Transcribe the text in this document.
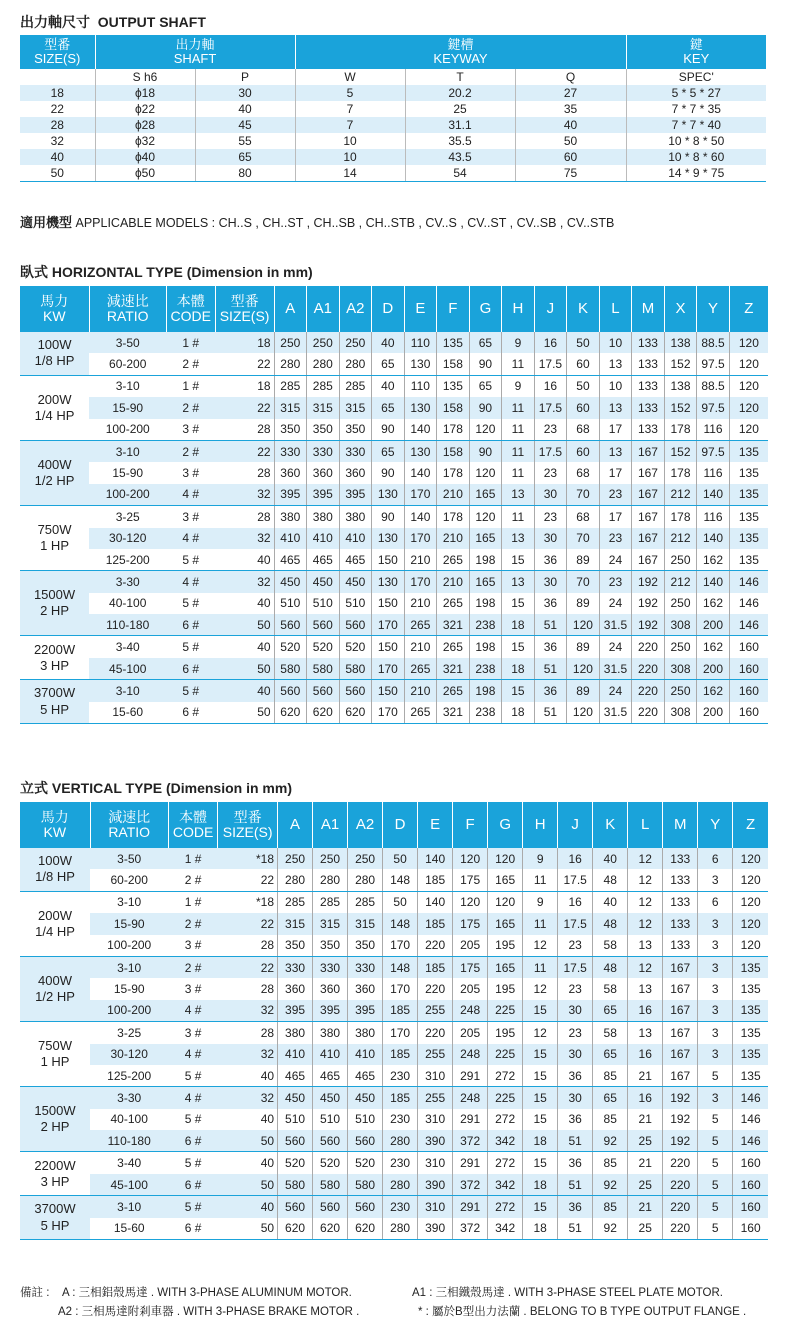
出力軸尺寸 OUTPUT SHAFT
型番
SIZE(S)	出力軸
SHAFT		鍵槽
KEYWAY			鍵
KEY
	S h6	P	W	T	Q	SPEC'
18	ϕ18	30	5	20.2	27	5 * 5 * 27
22	ϕ22	40	7	25	35	7 * 7 * 35
28	ϕ28	45	7	31.1	40	7 * 7 * 40
32	ϕ32	55	10	35.5	50	10 * 8 * 50
40	ϕ40	65	10	43.5	60	10 * 8 * 60
50	ϕ50	80	14	54	75	14 * 9 * 75
適用機型 APPLICABLE MODELS : CH..S , CH..ST , CH..SB , CH..STB , CV..S , CV..ST , CV..SB , CV..STB
臥式 HORIZONTAL TYPE (Dimension in mm)
馬力
KW	減速比
RATIO	本體
CODE	型番
SIZE(S)	A	A1	A2	D	E	F	G	H	J	K	L	M	X	Y	Z
100W
1/8 HP	3-50	1 #	18	250	250	250	40	110	135	65	9	16	50	10	133	138	88.5	120
	60-200	2 #	22	280	280	280	65	130	158	90	11	17.5	60	13	133	152	97.5	120
200W
1/4 HP	3-10	1 #	18	285	285	285	40	110	135	65	9	16	50	10	133	138	88.5	120
	15-90	2 #	22	315	315	315	65	130	158	90	11	17.5	60	13	133	152	97.5	120
	100-200	3 #	28	350	350	350	90	140	178	120	11	23	68	17	133	178	116	120
400W
1/2 HP	3-10	2 #	22	330	330	330	65	130	158	90	11	17.5	60	13	167	152	97.5	135
	15-90	3 #	28	360	360	360	90	140	178	120	11	23	68	17	167	178	116	135
	100-200	4 #	32	395	395	395	130	170	210	165	13	30	70	23	167	212	140	135
750W
1 HP	3-25	3 #	28	380	380	380	90	140	178	120	11	23	68	17	167	178	116	135
	30-120	4 #	32	410	410	410	130	170	210	165	13	30	70	23	167	212	140	135
	125-200	5 #	40	465	465	465	150	210	265	198	15	36	89	24	167	250	162	135
1500W
2 HP	3-30	4 #	32	450	450	450	130	170	210	165	13	30	70	23	192	212	140	146
	40-100	5 #	40	510	510	510	150	210	265	198	15	36	89	24	192	250	162	146
	110-180	6 #	50	560	560	560	170	265	321	238	18	51	120	31.5	192	308	200	146
2200W
3 HP	3-40	5 #	40	520	520	520	150	210	265	198	15	36	89	24	220	250	162	160
	45-100	6 #	50	580	580	580	170	265	321	238	18	51	120	31.5	220	308	200	160
3700W
5 HP	3-10	5 #	40	560	560	560	150	210	265	198	15	36	89	24	220	250	162	160
	15-60	6 #	50	620	620	620	170	265	321	238	18	51	120	31.5	220	308	200	160
立式 VERTICAL TYPE (Dimension in mm)
馬力
KW	減速比
RATIO	本體
CODE	型番
SIZE(S)	A	A1	A2	D	E	F	G	H	J	K	L	M	Y	Z
100W
1/8 HP	3-50	1 #	*18	250	250	250	50	140	120	120	9	16	40	12	133	6	120
	60-200	2 #	22	280	280	280	148	185	175	165	11	17.5	48	12	133	3	120
200W
1/4 HP	3-10	1 #	*18	285	285	285	50	140	120	120	9	16	40	12	133	6	120
	15-90	2 #	22	315	315	315	148	185	175	165	11	17.5	48	12	133	3	120
	100-200	3 #	28	350	350	350	170	220	205	195	12	23	58	13	133	3	120
400W
1/2 HP	3-10	2 #	22	330	330	330	148	185	175	165	11	17.5	48	12	167	3	135
	15-90	3 #	28	360	360	360	170	220	205	195	12	23	58	13	167	3	135
	100-200	4 #	32	395	395	395	185	255	248	225	15	30	65	16	167	3	135
750W
1 HP	3-25	3 #	28	380	380	380	170	220	205	195	12	23	58	13	167	3	135
	30-120	4 #	32	410	410	410	185	255	248	225	15	30	65	16	167	3	135
	125-200	5 #	40	465	465	465	230	310	291	272	15	36	85	21	167	5	135
1500W
2 HP	3-30	4 #	32	450	450	450	185	255	248	225	15	30	65	16	192	3	146
	40-100	5 #	40	510	510	510	230	310	291	272	15	36	85	21	192	5	146
	110-180	6 #	50	560	560	560	280	390	372	342	18	51	92	25	192	5	146
2200W
3 HP	3-40	5 #	40	520	520	520	230	310	291	272	15	36	85	21	220	5	160
	45-100	6 #	50	580	580	580	280	390	372	342	18	51	92	25	220	5	160
3700W
5 HP	3-10	5 #	40	560	560	560	230	310	291	272	15	36	85	21	220	5	160
	15-60	6 #	50	620	620	620	280	390	372	342	18	51	92	25	220	5	160
備註 : A : 三相鋁殼馬達 . WITH 3-PHASE ALUMINUM MOTOR.	A1 : 三相鐵殼馬達 . WITH 3-PHASE STEEL PLATE MOTOR.
A2 : 三相馬達附剎車器 . WITH 3-PHASE BRAKE MOTOR .	* : 屬於B型出力法蘭 . BELONG TO B TYPE OUTPUT FLANGE .
